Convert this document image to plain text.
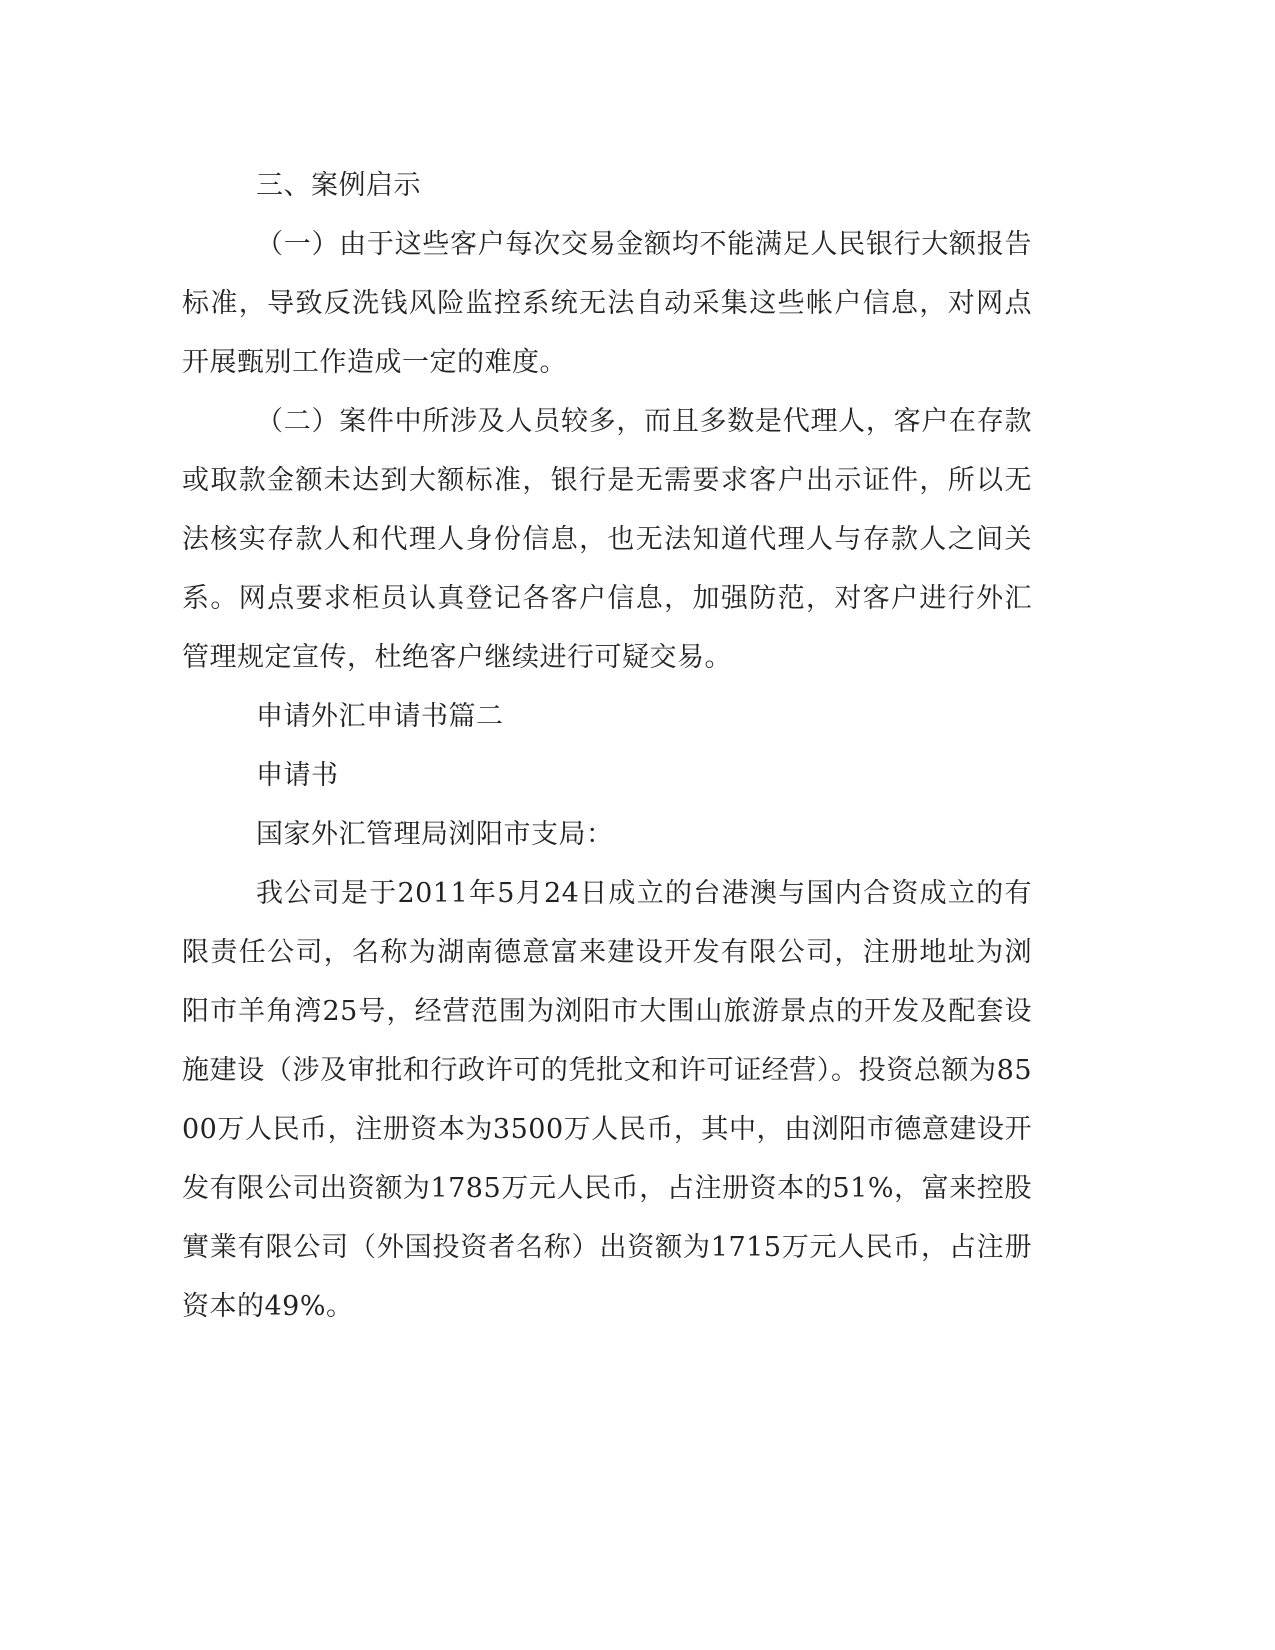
三、案例启示

（一）由于这些客户每次交易金额均不能满足人民银行大额报告标准，导致反洗钱风险监控系统无法自动采集这些帐户信息，对网点开展甄别工作造成一定的难度。

（二）案件中所涉及人员较多，而且多数是代理人，客户在存款或取款金额未达到大额标准，银行是无需要求客户出示证件，所以无法核实存款人和代理人身份信息，也无法知道代理人与存款人之间关系。网点要求柜员认真登记各客户信息，加强防范，对客户进行外汇管理规定宣传，杜绝客户继续进行可疑交易。

申请外汇申请书篇二

申请书

国家外汇管理局浏阳市支局：

我公司是于2011年5月24日成立的台港澳与国内合资成立的有限责任公司，名称为湖南德意富来建设开发有限公司，注册地址为浏阳市羊角湾25号，经营范围为浏阳市大围山旅游景点的开发及配套设施建设（涉及审批和行政许可的凭批文和许可证经营）。投资总额为8500万人民币，注册资本为3500万人民币，其中，由浏阳市德意建设开发有限公司出资额为1785万元人民币，占注册资本的51%，富来控股實業有限公司（外国投资者名称）出资额为1715万元人民币，占注册资本的49%。
